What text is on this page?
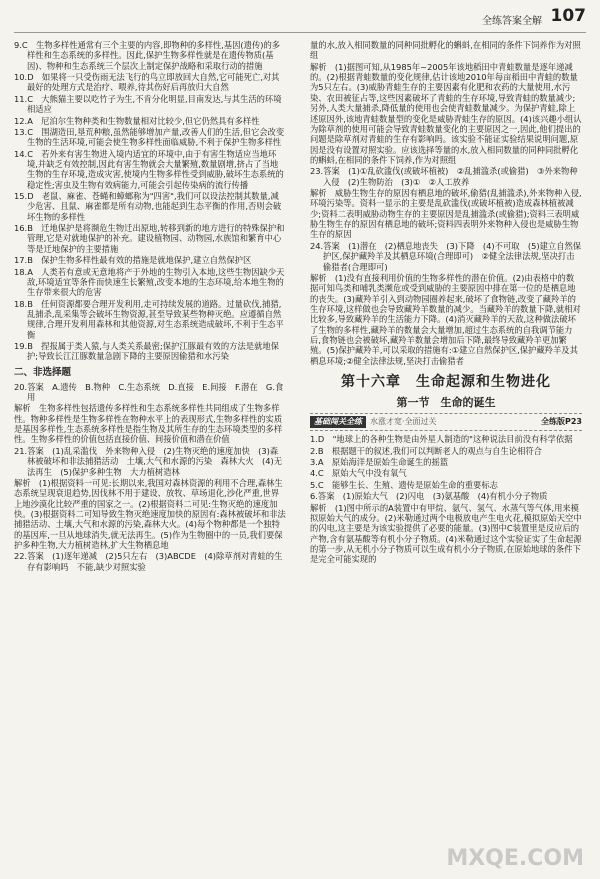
全练答案全解 107

9.C　生物多样性通常有三个主要的内容,即物种的多样性,基因(遗传)的多样性和生态系统的多样性。因此,保护生物多样性就是在遗传物质(基因)、物种和生态系统三个层次上制定保护战略和采取行动的措施

10.D　如果将一只受伤雨无法飞行的鸟立即放回大自然,它可能死亡,对其最好的处理方式是治疗、喂养,待其伤好后再放归大自然

11.C　大熊猫主要以吃竹子为生,不肯分化明显,目南发达,与其生活的环境相适应

12.A　尼泊尔生物种类和生物数量相对比较少,但它仍然具有多样性

13.C　围湖造田,垦荒种粮,虽然能够增加产量,改善人们的生活,但它会改变生物的生活环境,可能会使生物多样性面临威胁,不利于保护生物多样性

14.C　若外来有害生物进入境内适宜的环境中,由于有害生物适应当地环境,并缺乏有效控制,因此有害生物就会大量繁殖,数量剧增,挤占了当地生物的生存环境,造成灾害,使境内生物多样性受到威胁,破坏生态系统的稳定性;害虫及生物有效病能力,可能会引起传染病的流行传播

15.D　老鼠、麻雀、苍蝇和蟑螂称为"四害",我们可以设法控制其数量,减少危害、且鼠、麻雀都是所有动物,也能起到生态平衡的作用,否则会破坏生物的多样性

16.B　迁地保护是将濒危生物迁出原地,转移到新的地方进行的特殊保护和管理,它是对就地保护的补充。建设植物园、动物园,水族馆和繁育中心等是迁地保护的主要措施

17.B　保护生物多样性最有效的措施是就地保护,建立自然保护区

18.A　人类若有意或无意地将产于外地的生物引入本地,这些生物因缺少天敌,环境适宜等条件而快速生长繁殖,改变本地的生态环境,给本地生物的生存带来很大的危害

18.B　任何资源都要合理开发利用,走可持续发展的道路。过量砍伐,捕猎,乱捕杀,乱采集等会破坏生物资源,甚至导致某些物种灭绝。应遵循自然规律,合理开发利用森林和其他资源,对生态系统造成破坏,不利于生态平衡

19.B　捏报属于类人猿,与人类关系最密;保护江豚最有效的方法是就地保护;导致长江江豚数量急剧下降的主要原因偷猎和水污染

二、非选择题

20.答案　A.遗传　B.物种　C.生态系统　D.直接　E.间接　F.潜在　G.食用

解析　生物多样性包括遗传多样性和生态系统多样性共同组成了生物多样性。物种多样性是生物多样性在物种水平上的表现形式,生物多样性的实质是基因多样性,生态系统多样性是指生物及其所生存的生态环境类型的多样性。生物多样性的价值包括直接价值、间接价值和潜在价值

21.答案　(1)乱采滥伐　外来物种入侵　(2)生物灭绝的速度加快　(3)森林被破坏和非法捕猎活动　土壤,大气和水源的污染　森林大火　(4)无法再生　(5)保护多种生物　大力植树造林

解析　(1)根据资料一可见:长期以来,我国对森林资源的利用不合理,森林生态系统呈现衰退趋势,因伐林不用于建设、放牧、草场退化,沙化严重,世界上地沙漠化比较严重的国家之一。(2)根据资料二可见:生物灭绝的速度加快。(3)根据资料二可知导致生物灭绝速度加快的原因有:森林被破坏和非法捕猎活动、土壤,大气和水源的污染,森林大火。(4)每个物种都是一个独特的基因库,一旦从地球消失,就无法再生。(5)作为生物圈中的一员,我们要保护多种生物,大力植树造林,扩大生物栖息地

22.答案　(1)逐年递减　(2)5只左右　(3)ABCDE　(4)除草剂对青蛙的生存有影响吗　不能,缺少对照实验

量的水,放入相同数量的同种同批孵化的蝌蚪,在相同的条件下饲养作为对照组

解析　(1)据图可知,从1985年~2005年该地稻田中青蛙数量是逐年递减的。(2)根据青蛙数量的变化规律,估计该地2010年每亩稻田中青蛙的数量为5只左右。(3)威胁青蛙生存的主要因素有化肥和农药的大量使用,水污染、农田被征占等,这些因素破坏了青蛙的生存环境,导致青蛙的数量减少;另外,人类大量捕杀,降低量的使用也会使青蛙数量减少。为保护青蛙,除上述原因外,该地青蛙数量型的变化是威胁青蛙生存的原因。(4)该兴趣小组认为除草剂的使用可能会导致青蛙数量变化的主要原因之一,因此,他们提出的问题是除草剂对青蛙的生存有影响吗。该实验不能证实验结果说明问题,原因是没有设置对照实验。应该选择等量的水,放入相同数量的同种同批孵化的蝌蚪,在相同的条件下饲养,作为对照组

23.答案　(1)①乱砍滥伐(或破坏植被)　②乱捕滥杀(或偷猎)　③外来物种入侵　(2)生物防治　(3)①　②人工放养

解析　威胁生物生存的原因有栖息地的破坏,偷猎(乱捕滥杀),外来物种入侵,环境污染等。资料一显示的主要是乱砍滥伐(或破坏植被)造成森林植被减少;资料二表明威胁动物生存的主要原因是乱捕滥杀(或偷猎);资料三表明威胁生物生存的原因有栖息地的破坏;资料四表明外来物种入侵也是威胁生物生存的原因

24.答案　(1)潜在　(2)栖息地丧失　(3)下降　(4)不可取　(5)建立自然保护区,保护藏羚羊及其栖息环境(合理即可)　②健全法律法规,坚决打击偷猎者(合理即可)

解析　(1)没有直接利用价值的生物多样性的潜在价值。(2)由表格中的数据可知鸟类和哺乳类濒危或受到威胁的主要原因中排在第一位的是栖息地的丧失。(3)藏羚羊引入到动物园圈养起来,破坏了食物链,改变了藏羚羊的生存环境,这样做也会导致藏羚羊数量的减少。当藏羚羊的数量下降,就相对比较多,导致藏羚羊的生活能力下降。(4)消灭藏羚羊的天敌,这种做法破坏了生物的多样性,藏羚羊的数量会大量增加,超过生态系统的自我调节能力后,食物链也会被破坏,藏羚羊数量会增加后下降,最终导致藏羚羊更加繁殖。(5)保护藏羚羊,可以采取的措施有:①建立自然保护区,保护藏羚羊及其栖息环境;②健全法律法规,坚决打击偷猎者

第十六章　生命起源和生物进化
第一节　生命的诞生
基础闯关全练	水涨才宽·全面过关	全练版P23

1.D　"地球上的各种生物是由外星人制造的"这种说法目前没有科学依据

2.B　根据题干的叙述,我们可以判断老人的观点与自生论相符合

3.A　原始海洋是原始生命诞生的摇篮

4.C　原始大气中没有氧气

5.C　能够生长、生殖、遗传是原始生命的重要标志

6.答案　(1)原始大气　(2)闪电　(3)氨基酸　(4)有机小分子物质

解析　(1)图中所示的A装置中有甲烷、氨气、氢气、水蒸气等气体,用来模拟原始大气的成分。(2)米勒通过两个电极放电产生电火花,模拟原始天空中的闪电,这主要是为该实验提供了必要的能量。(3)图中C装置里是反应后的产物,含有氨基酸等有机小分子物质。(4)米勒通过这个实验证实了生命起源的第一步,从无机小分子物质可以生成有机小分子物质,在原始地球的条件下是完全可能实现的

MXQE.COM
